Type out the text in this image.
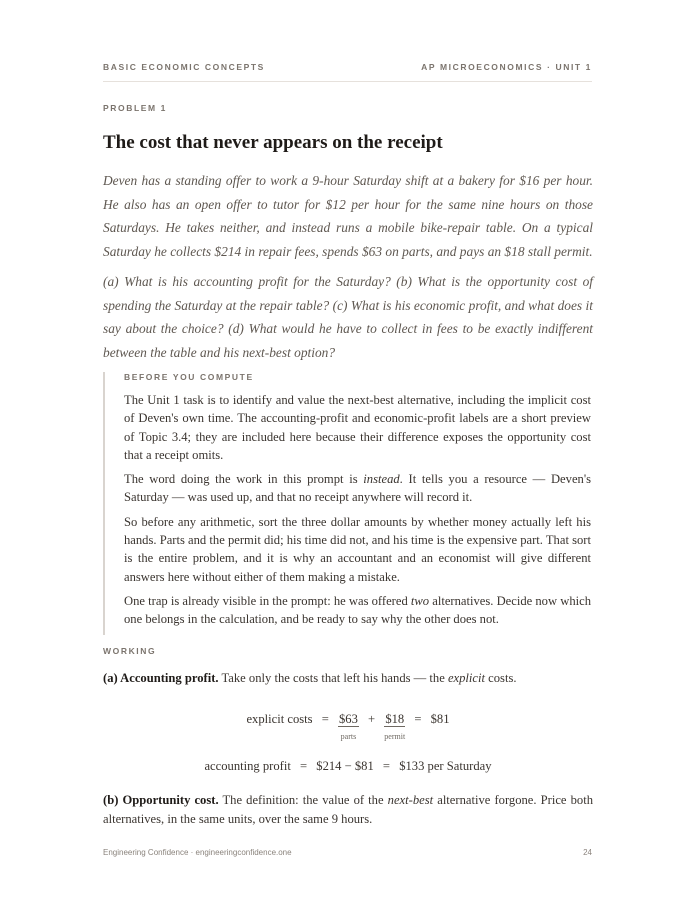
BASIC ECONOMIC CONCEPTS	AP MICROECONOMICS · UNIT 1
PROBLEM 1
The cost that never appears on the receipt

Deven has a standing offer to work a 9-hour Saturday shift at a bakery for $16 per hour. He also has an open offer to tutor for $12 per hour for the same nine hours on those Saturdays. He takes neither, and instead runs a mobile bike-repair table. On a typical Saturday he collects $214 in repair fees, spends $63 on parts, and pays an $18 stall permit.

(a) What is his accounting profit for the Saturday? (b) What is the opportunity cost of spending the Saturday at the repair table? (c) What is his economic profit, and what does it say about the choice? (d) What would he have to collect in fees to be exactly indifferent between the table and his next-best option?

BEFORE YOU COMPUTE

The Unit 1 task is to identify and value the next-best alternative, including the implicit cost of Deven's own time. The accounting-profit and economic-profit labels are a short preview of Topic 3.4; they are included here because their difference exposes the opportunity cost that a receipt omits.

The word doing the work in this prompt is instead. It tells you a resource — Deven's Saturday — was used up, and that no receipt anywhere will record it.

So before any arithmetic, sort the three dollar amounts by whether money actually left his hands. Parts and the permit did; his time did not, and his time is the expensive part. That sort is the entire problem, and it is why an accountant and an economist will give different answers here without either of them making a mistake.

One trap is already visible in the prompt: he was offered two alternatives. Decide now which one belongs in the calculation, and be ready to say why the other does not.

WORKING

(a) Accounting profit. Take only the costs that left his hands — the explicit costs.

explicit costs = $63
parts
+ $18
permit
= $81
accounting profit = $214 − $81 = $133 per Saturday

(b) Opportunity cost. The definition: the value of the next-best alternative forgone. Price both alternatives, in the same units, over the same 9 hours.

Engineering Confidence · engineeringconfidence.one	24
